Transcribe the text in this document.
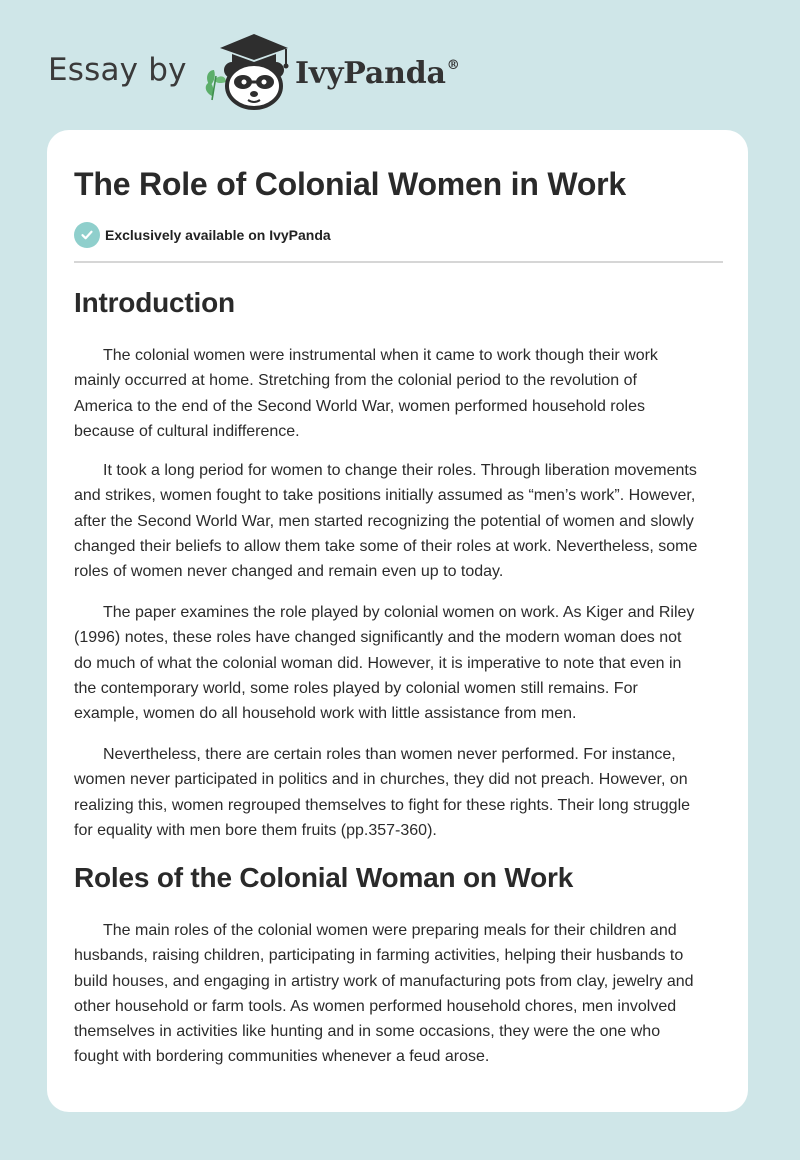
Essay by	IvyPanda®
The Role of Colonial Women in Work
Exclusively available on IvyPanda
Introduction

The colonial women were instrumental when it came to work though their work
mainly occurred at home. Stretching from the colonial period to the revolution of
America to the end of the Second World War, women performed household roles
because of cultural indifference.

It took a long period for women to change their roles. Through liberation movements
and strikes, women fought to take positions initially assumed as “men’s work”. However,
after the Second World War, men started recognizing the potential of women and slowly
changed their beliefs to allow them take some of their roles at work. Nevertheless, some
roles of women never changed and remain even up to today.

The paper examines the role played by colonial women on work. As Kiger and Riley
(1996) notes, these roles have changed significantly and the modern woman does not
do much of what the colonial woman did. However, it is imperative to note that even in
the contemporary world, some roles played by colonial women still remains. For
example, women do all household work with little assistance from men.

Nevertheless, there are certain roles than women never performed. For instance,
women never participated in politics and in churches, they did not preach. However, on
realizing this, women regrouped themselves to fight for these rights. Their long struggle
for equality with men bore them fruits (pp.357-360).

Roles of the Colonial Woman on Work

The main roles of the colonial women were preparing meals for their children and
husbands, raising children, participating in farming activities, helping their husbands to
build houses, and engaging in artistry work of manufacturing pots from clay, jewelry and
other household or farm tools. As women performed household chores, men involved
themselves in activities like hunting and in some occasions, they were the one who
fought with bordering communities whenever a feud arose.
